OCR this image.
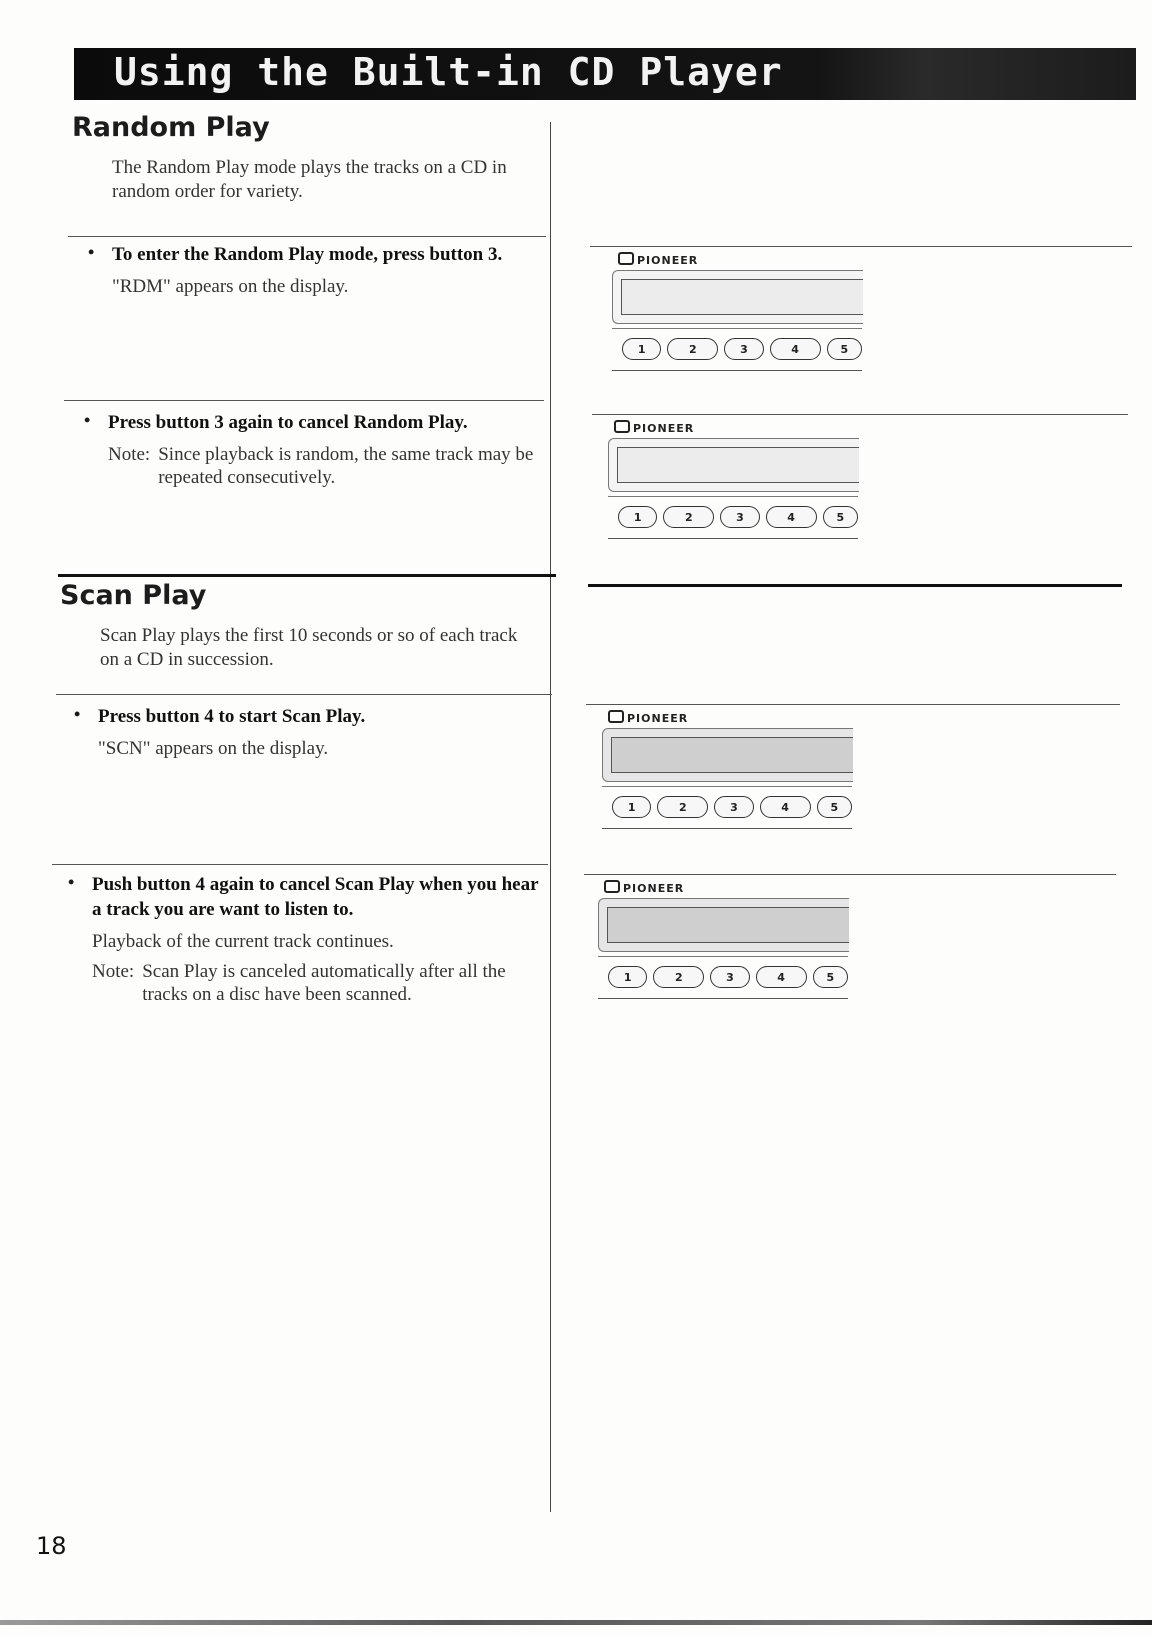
Using the Built-in CD Player
Random Play

The Random Play mode plays the tracks on a CD in random order for variety.

• To enter the Random Play mode, press button 3.

"RDM" appears on the display.

• Press button 3 again to cancel Random Play.

Note: Since playback is random, the same track may be repeated consecutively.
Scan Play

Scan Play plays the first 10 seconds or so of each track on a CD in succession.

• Press button 4 to start Scan Play.

"SCN" appears on the display.

• Push button 4 again to cancel Scan Play when you hear a track you are want to listen to.

Playback of the current track continues.

Note: Scan Play is canceled automatically after all the tracks on a disc have been scanned.
PIONEER
1	2	3	4	5
PIONEER
1	2	3	4	5
PIONEER
1	2	3	4	5
PIONEER
1	2	3	4	5

18
